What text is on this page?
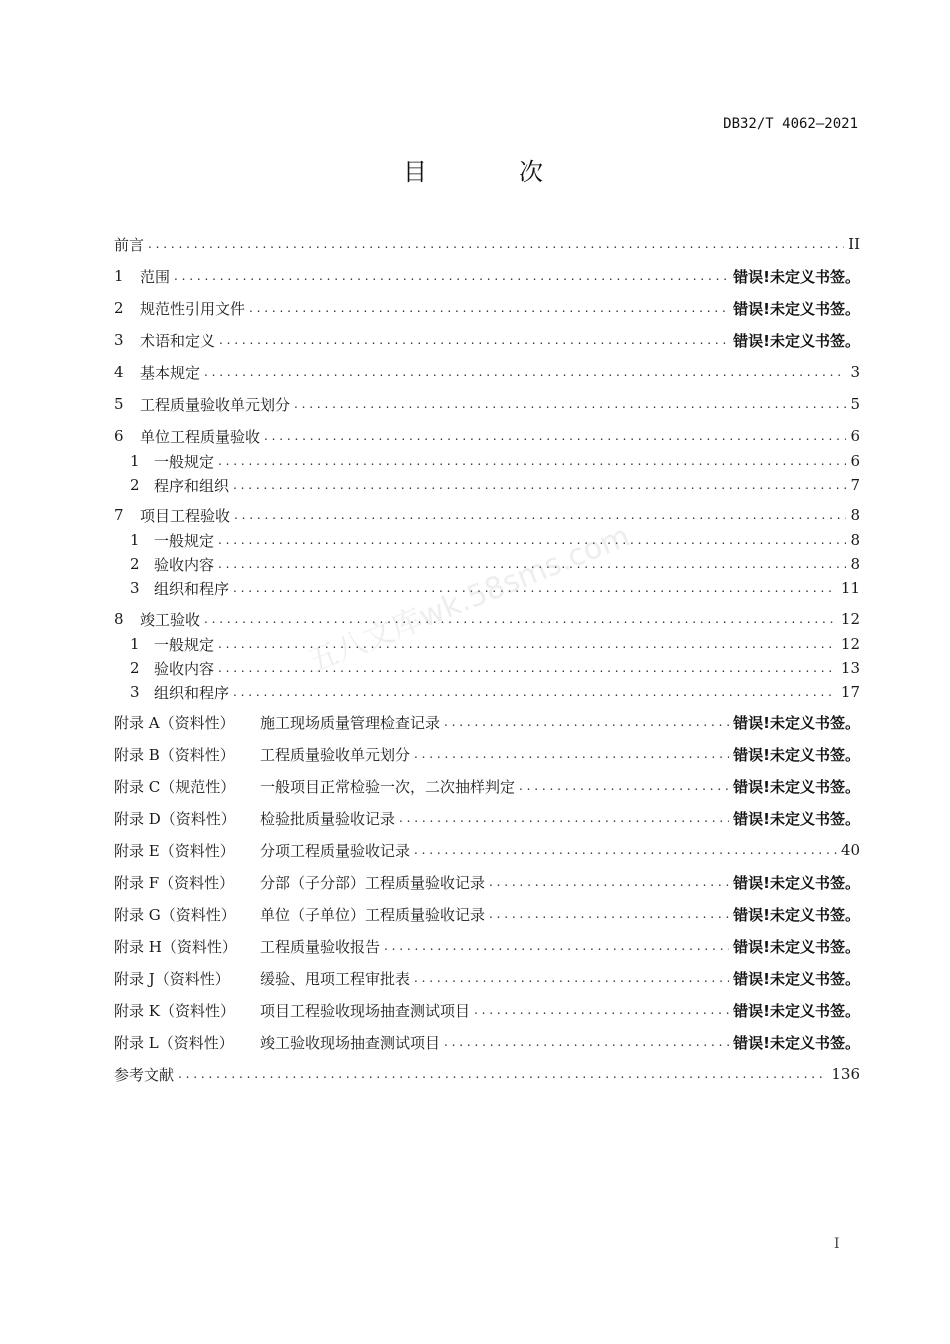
DB32/T 4062—2021
目　次
前言 . . .	II
1	范围 . . .	错误!未定义书签。
2	规范性引用文件 . . .	错误!未定义书签。
3	术语和定义 . . .	错误!未定义书签。
4	基本规定 . . .	3
5	工程质量验收单元划分 . . .	5
6	单位工程质量验收 . . .	6
1 一般规定 . . .	6
2 程序和组织 . . .	7
7	项目工程验收 . . .	8
1 一般规定 . . .	8
2 验收内容 . . .	8
3 组织和程序 . . .	11
8	竣工验收 . . .	12
1 一般规定 . . .	12
2 验收内容 . . .	13
3 组织和程序 . . .	17
附录 A（资料性）	施工现场质量管理检查记录 . . .	错误!未定义书签。
附录 B（资料性）	工程质量验收单元划分 . . .	错误!未定义书签。
附录 C（规范性）	一般项目正常检验一次，二次抽样判定 . . .	错误!未定义书签。
附录 D（资料性）	检验批质量验收记录 . . .	错误!未定义书签。
附录 E（资料性）	分项工程质量验收记录 . . .	40
附录 F（资料性）	分部（子分部）工程质量验收记录 . . .	错误!未定义书签。
附录 G（资料性）	单位（子单位）工程质量验收记录 . . .	错误!未定义书签。
附录 H（资料性）	工程质量验收报告 . . .	错误!未定义书签。
附录 J（资料性）	缓验、甩项工程审批表 . . .	错误!未定义书签。
附录 K（资料性）	项目工程验收现场抽查测试项目 . . .	错误!未定义书签。
附录 L（资料性）	竣工验收现场抽查测试项目 . . .	错误!未定义书签。
参考文献 . . .	136
五八文库wk.58sms.com
I
